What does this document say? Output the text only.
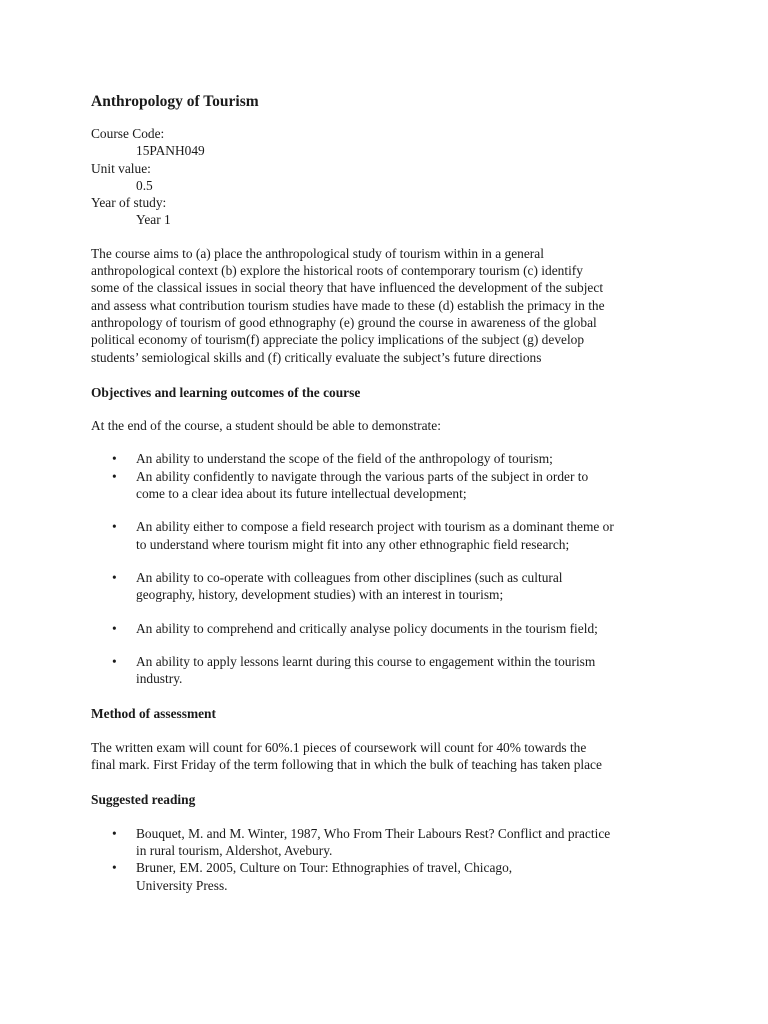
Anthropology of Tourism
Course Code:
15PANH049
Unit value:
0.5
Year of study:
Year 1
The course aims to (a) place the anthropological study of tourism within in a general
anthropological context (b) explore the historical roots of contemporary tourism (c) identify
some of the classical issues in social theory that have influenced the development of the subject
and assess what contribution tourism studies have made to these (d) establish the primacy in the
anthropology of tourism of good ethnography (e) ground the course in awareness of the global
political economy of tourism(f) appreciate the policy implications of the subject (g) develop
students’ semiological skills and (f) critically evaluate the subject’s future directions
Objectives and learning outcomes of the course
At the end of the course, a student should be able to demonstrate:
• An ability to understand the scope of the field of the anthropology of tourism;
• An ability confidently to navigate through the various parts of the subject in order to
come to a clear idea about its future intellectual development;
• An ability either to compose a field research project with tourism as a dominant theme or
to understand where tourism might fit into any other ethnographic field research;
• An ability to co-operate with colleagues from other disciplines (such as cultural
geography, history, development studies) with an interest in tourism;
• An ability to comprehend and critically analyse policy documents in the tourism field;
• An ability to apply lessons learnt during this course to engagement within the tourism
industry.
Method of assessment
The written exam will count for 60%.1 pieces of coursework will count for 40% towards the
final mark. First Friday of the term following that in which the bulk of teaching has taken place
Suggested reading
• Bouquet, M. and M. Winter, 1987, Who From Their Labours Rest? Conflict and practice
in rural tourism, Aldershot, Avebury.
• Bruner, EM. 2005, Culture on Tour: Ethnographies of travel, Chicago,
University Press.
